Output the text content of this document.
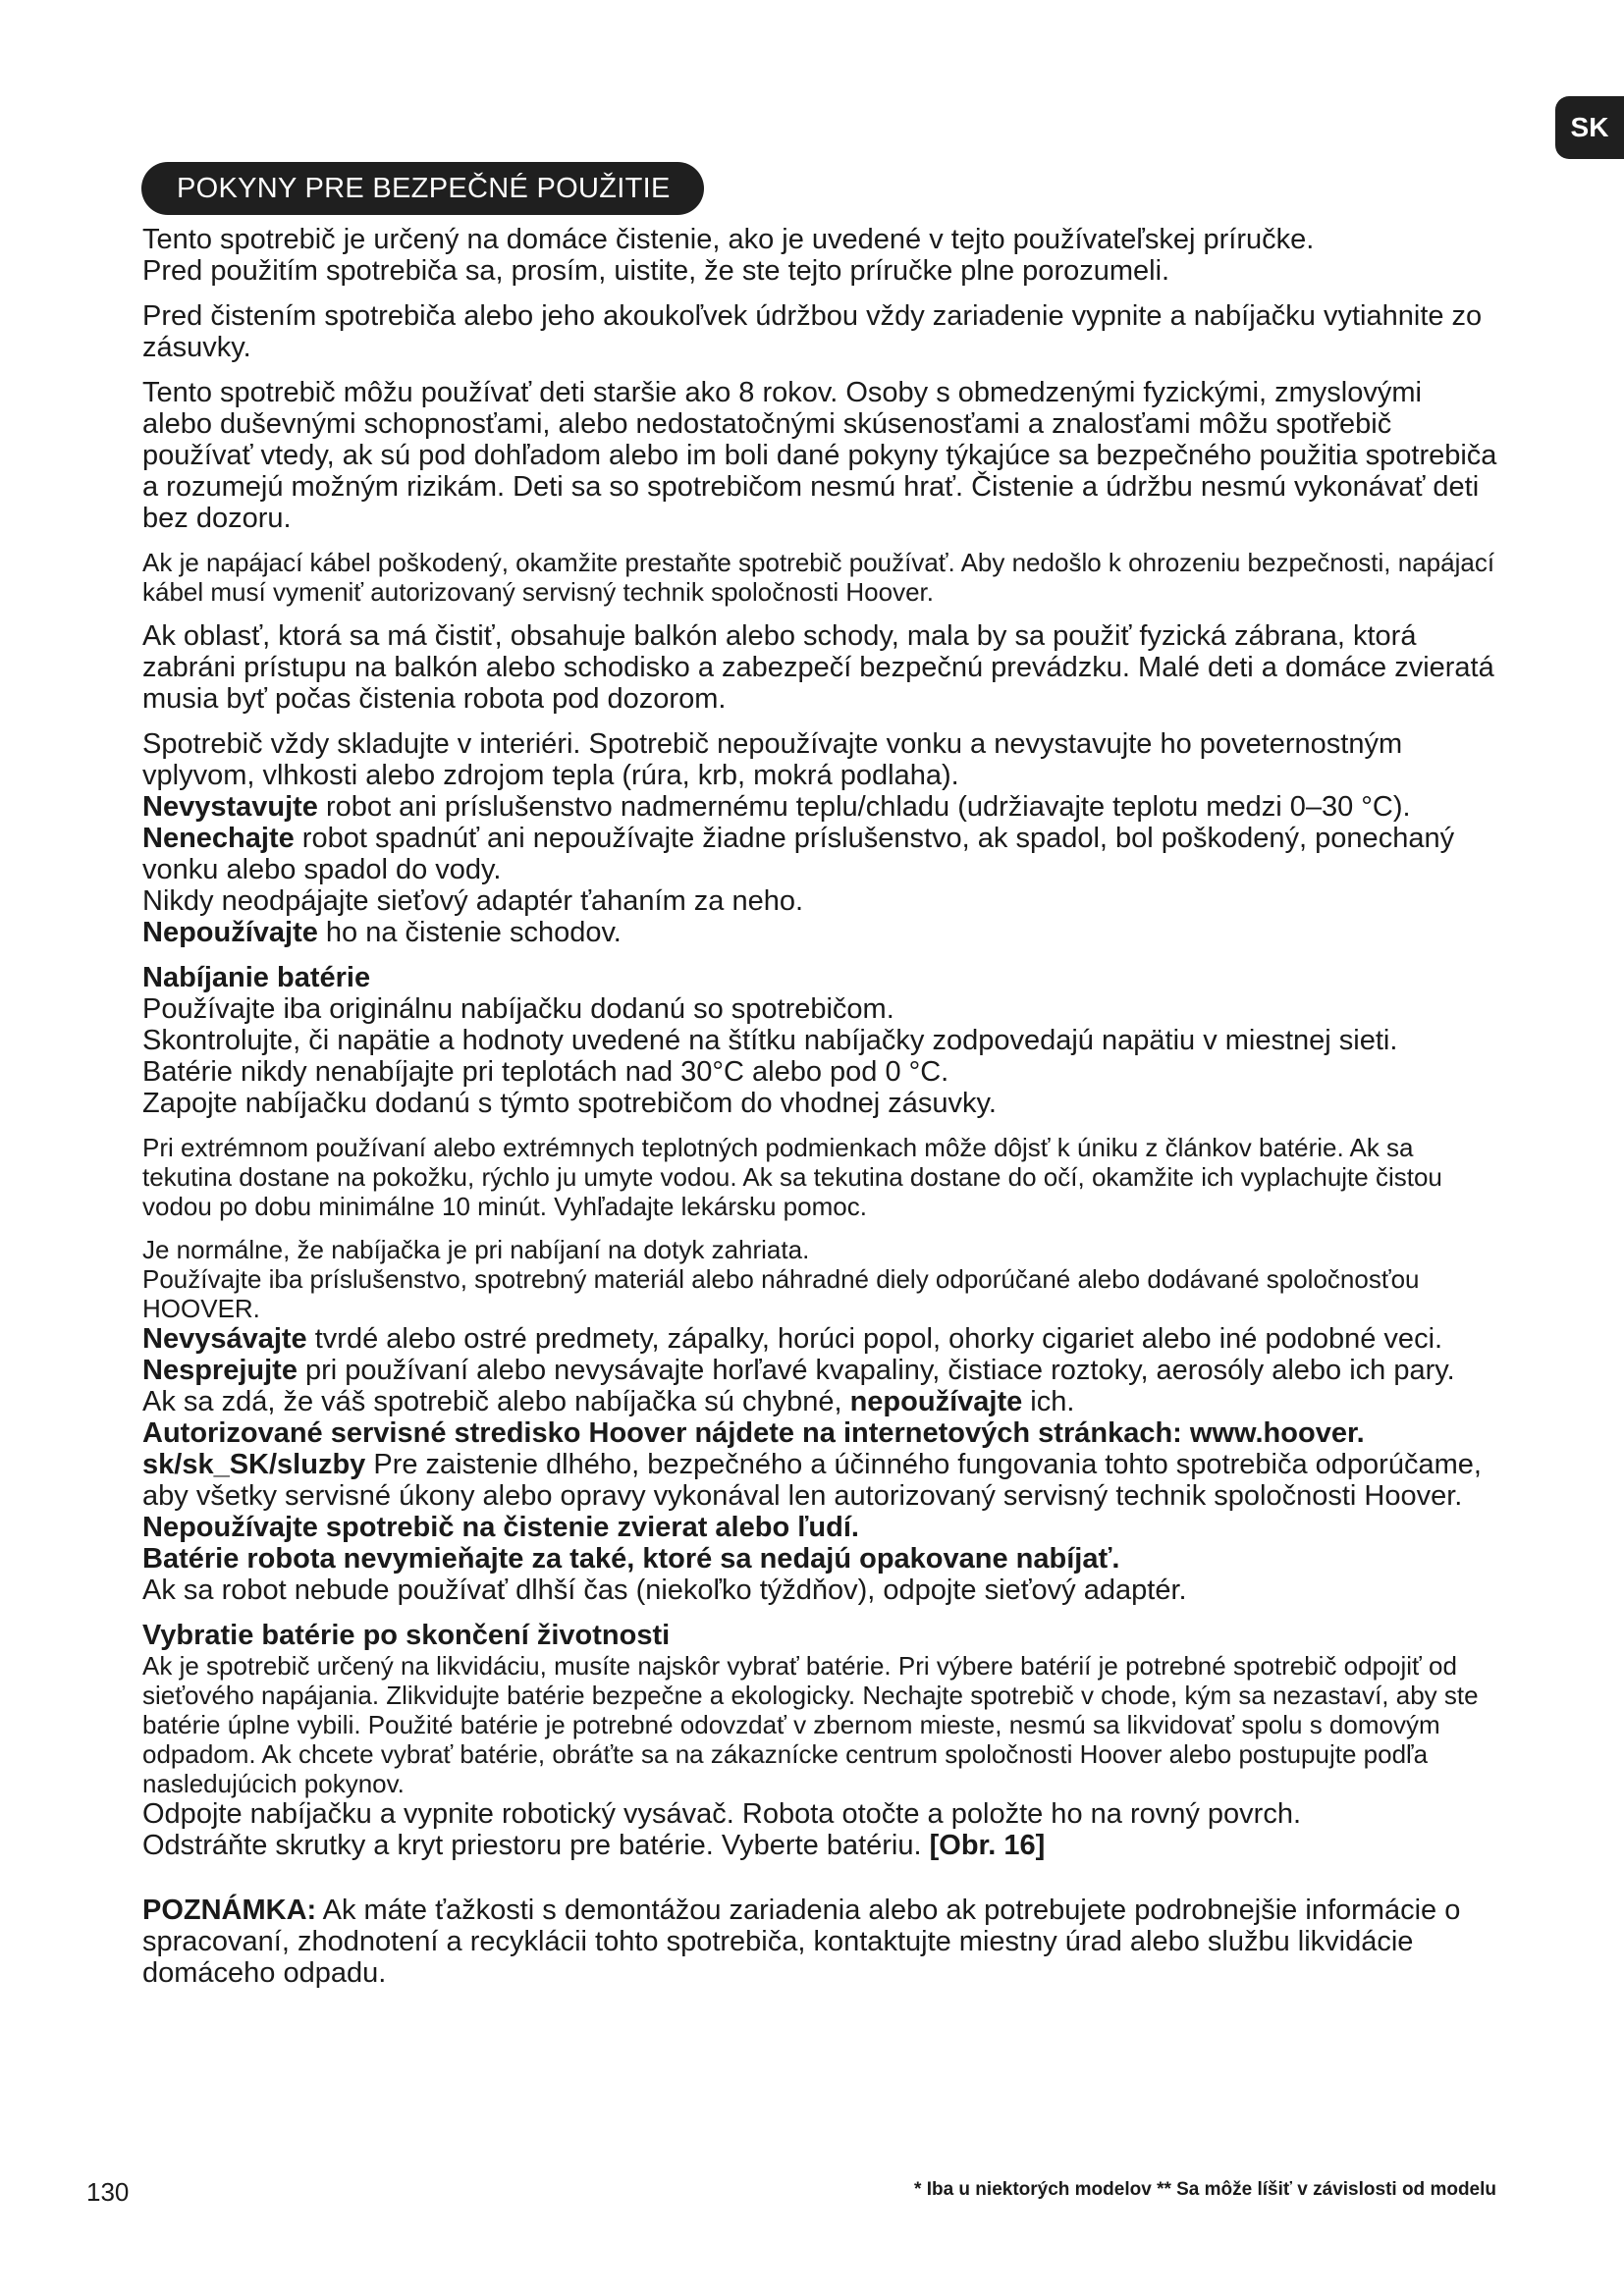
SK
POKYNY PRE BEZPEČNÉ POUŽITIE

Tento spotrebič je určený na domáce čistenie, ako je uvedené v tejto používateľskej príručke.

Pred použitím spotrebiča sa, prosím, uistite, že ste tejto príručke plne porozumeli.

Pred čistením spotrebiča alebo jeho akoukoľvek údržbou vždy zariadenie vypnite a nabíjačku vytiahnite zo zásuvky.

Tento spotrebič môžu používať deti staršie ako 8 rokov. Osoby s obmedzenými fyzickými, zmyslovými alebo duševnými schopnosťami, alebo nedostatočnými skúsenosťami a znalosťami môžu spotřebič používať vtedy, ak sú pod dohľadom alebo im boli dané pokyny týkajúce sa bezpečného použitia spotrebiča a rozumejú možným rizikám. Deti sa so spotrebičom nesmú hrať. Čistenie a údržbu nesmú vykonávať deti bez dozoru.

Ak je napájací kábel poškodený, okamžite prestaňte spotrebič používať. Aby nedošlo k ohrozeniu bezpečnosti, napájací kábel musí vymeniť autorizovaný servisný technik spoločnosti Hoover.

Ak oblasť, ktorá sa má čistiť, obsahuje balkón alebo schody, mala by sa použiť fyzická zábrana, ktorá zabráni prístupu na balkón alebo schodisko a zabezpečí bezpečnú prevádzku. Malé deti a domáce zvieratá musia byť počas čistenia robota pod dozorom.

Spotrebič vždy skladujte v interiéri. Spotrebič nepoužívajte vonku a nevystavujte ho poveternostným vplyvom, vlhkosti alebo zdrojom tepla (rúra, krb, mokrá podlaha).

Nevystavujte robot ani príslušenstvo nadmernému teplu/chladu (udržiavajte teplotu medzi 0–30 °C).

Nenechajte robot spadnúť ani nepoužívajte žiadne príslušenstvo, ak spadol, bol poškodený, ponechaný vonku alebo spadol do vody.

Nikdy neodpájajte sieťový adaptér ťahaním za neho.

Nepoužívajte ho na čistenie schodov.

Nabíjanie batérie

Používajte iba originálnu nabíjačku dodanú so spotrebičom.

Skontrolujte, či napätie a hodnoty uvedené na štítku nabíjačky zodpovedajú napätiu v miestnej sieti.

Batérie nikdy nenabíjajte pri teplotách nad 30°C alebo pod 0 °C.

Zapojte nabíjačku dodanú s týmto spotrebičom do vhodnej zásuvky.

Pri extrémnom používaní alebo extrémnych teplotných podmienkach môže dôjsť k úniku z článkov batérie. Ak sa tekutina dostane na pokožku, rýchlo ju umyte vodou. Ak sa tekutina dostane do očí, okamžite ich vyplachujte čistou vodou po dobu minimálne 10 minút. Vyhľadajte lekársku pomoc.

Je normálne, že nabíjačka je pri nabíjaní na dotyk zahriata.

Používajte iba príslušenstvo, spotrebný materiál alebo náhradné diely odporúčané alebo dodávané spoločnosťou HOOVER.

Nevysávajte tvrdé alebo ostré predmety, zápalky, horúci popol, ohorky cigariet alebo iné podobné veci.

Nesprejujte pri používaní alebo nevysávajte horľavé kvapaliny, čistiace roztoky, aerosóly alebo ich pary.

Ak sa zdá, že váš spotrebič alebo nabíjačka sú chybné, nepoužívajte ich.

Autorizované servisné stredisko Hoover nájdete na internetových stránkach: www.hoover. sk/sk_SK/sluzby Pre zaistenie dlhého, bezpečného a účinného fungovania tohto spotrebiča odporúčame, aby všetky servisné úkony alebo opravy vykonával len autorizovaný servisný technik spoločnosti Hoover.

Nepoužívajte spotrebič na čistenie zvierat alebo ľudí.

Batérie robota nevymieňajte za také, ktoré sa nedajú opakovane nabíjať.

Ak sa robot nebude používať dlhší čas (niekoľko týždňov), odpojte sieťový adaptér.

Vybratie batérie po skončení životnosti

Ak je spotrebič určený na likvidáciu, musíte najskôr vybrať batérie. Pri výbere batérií je potrebné spotrebič odpojiť od sieťového napájania. Zlikvidujte batérie bezpečne a ekologicky. Nechajte spotrebič v chode, kým sa nezastaví, aby ste batérie úplne vybili. Použité batérie je potrebné odovzdať v zbernom mieste, nesmú sa likvidovať spolu s domovým odpadom. Ak chcete vybrať batérie, obráťte sa na zákaznícke centrum spoločnosti Hoover alebo postupujte podľa nasledujúcich pokynov.

Odpojte nabíjačku a vypnite robotický vysávač. Robota otočte a položte ho na rovný povrch.

Odstráňte skrutky a kryt priestoru pre batérie. Vyberte batériu. [Obr. 16]

POZNÁMKA: Ak máte ťažkosti s demontážou zariadenia alebo ak potrebujete podrobnejšie informácie o spracovaní, zhodnotení a recyklácii tohto spotrebiča, kontaktujte miestny úrad alebo službu likvidácie domáceho odpadu.

130	* Iba u niektorých modelov ** Sa môže líšiť v závislosti od modelu
